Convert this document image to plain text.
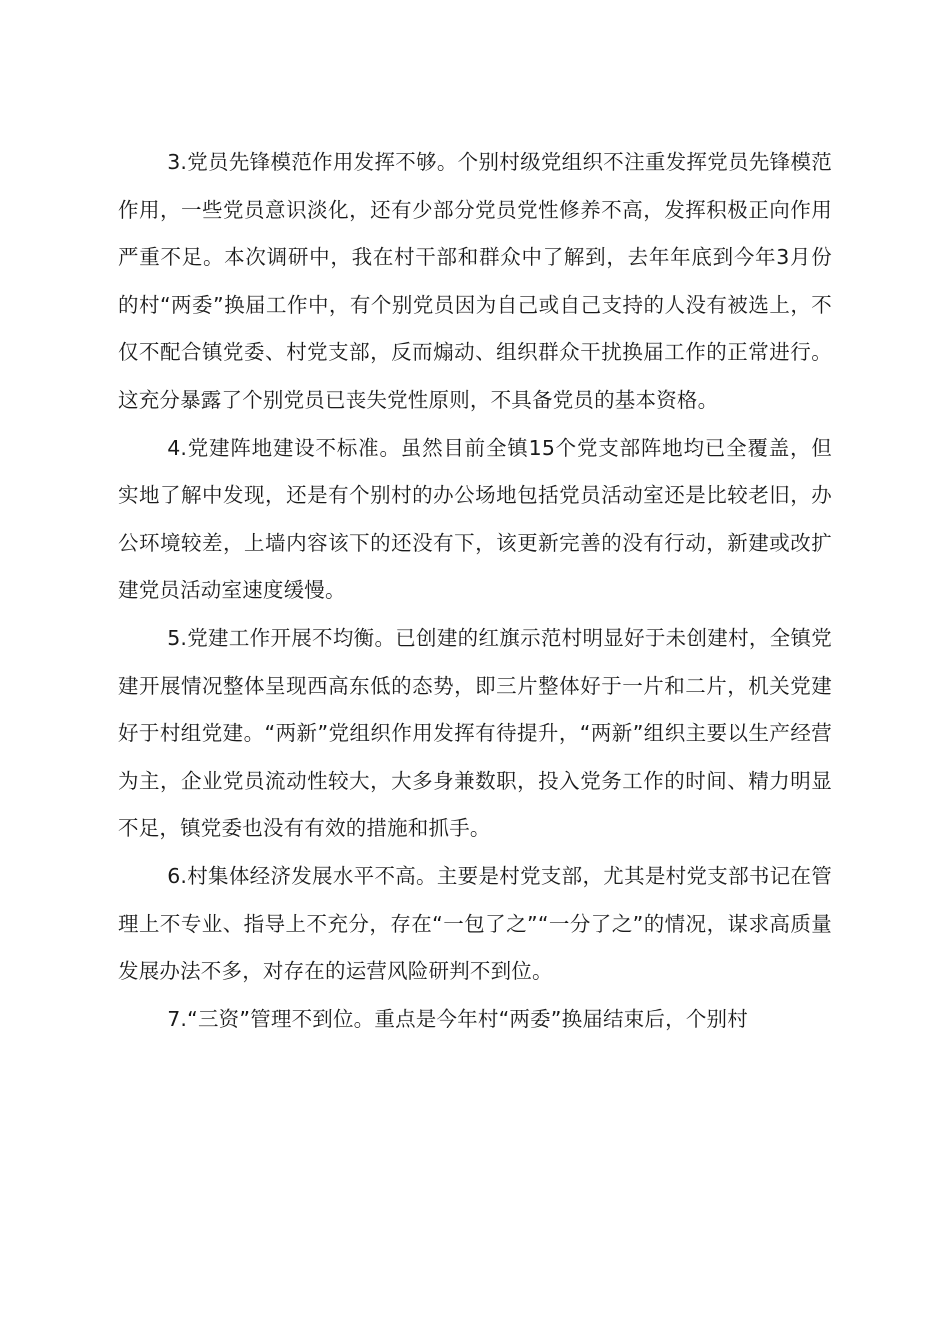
3.党员先锋模范作用发挥不够。个别村级党组织不注重发挥党员先锋模范作用，一些党员意识淡化，还有少部分党员党性修养不高，发挥积极正向作用严重不足。本次调研中，我在村干部和群众中了解到，去年年底到今年3月份的村“两委”换届工作中，有个别党员因为自己或自己支持的人没有被选上，不仅不配合镇党委、村党支部，反而煽动、组织群众干扰换届工作的正常进行。这充分暴露了个别党员已丧失党性原则，不具备党员的基本资格。

4.党建阵地建设不标准。虽然目前全镇15个党支部阵地均已全覆盖，但实地了解中发现，还是有个别村的办公场地包括党员活动室还是比较老旧，办公环境较差，上墙内容该下的还没有下，该更新完善的没有行动，新建或改扩建党员活动室速度缓慢。

5.党建工作开展不均衡。已创建的红旗示范村明显好于未创建村，全镇党建开展情况整体呈现西高东低的态势，即三片整体好于一片和二片，机关党建好于村组党建。“两新”党组织作用发挥有待提升，“两新”组织主要以生产经营为主，企业党员流动性较大，大多身兼数职，投入党务工作的时间、精力明显不足，镇党委也没有有效的措施和抓手。

6.村集体经济发展水平不高。主要是村党支部，尤其是村党支部书记在管理上不专业、指导上不充分，存在“一包了之”“一分了之”的情况，谋求高质量发展办法不多，对存在的运营风险研判不到位。

7.“三资”管理不到位。重点是今年村“两委”换届结束后，个别村
